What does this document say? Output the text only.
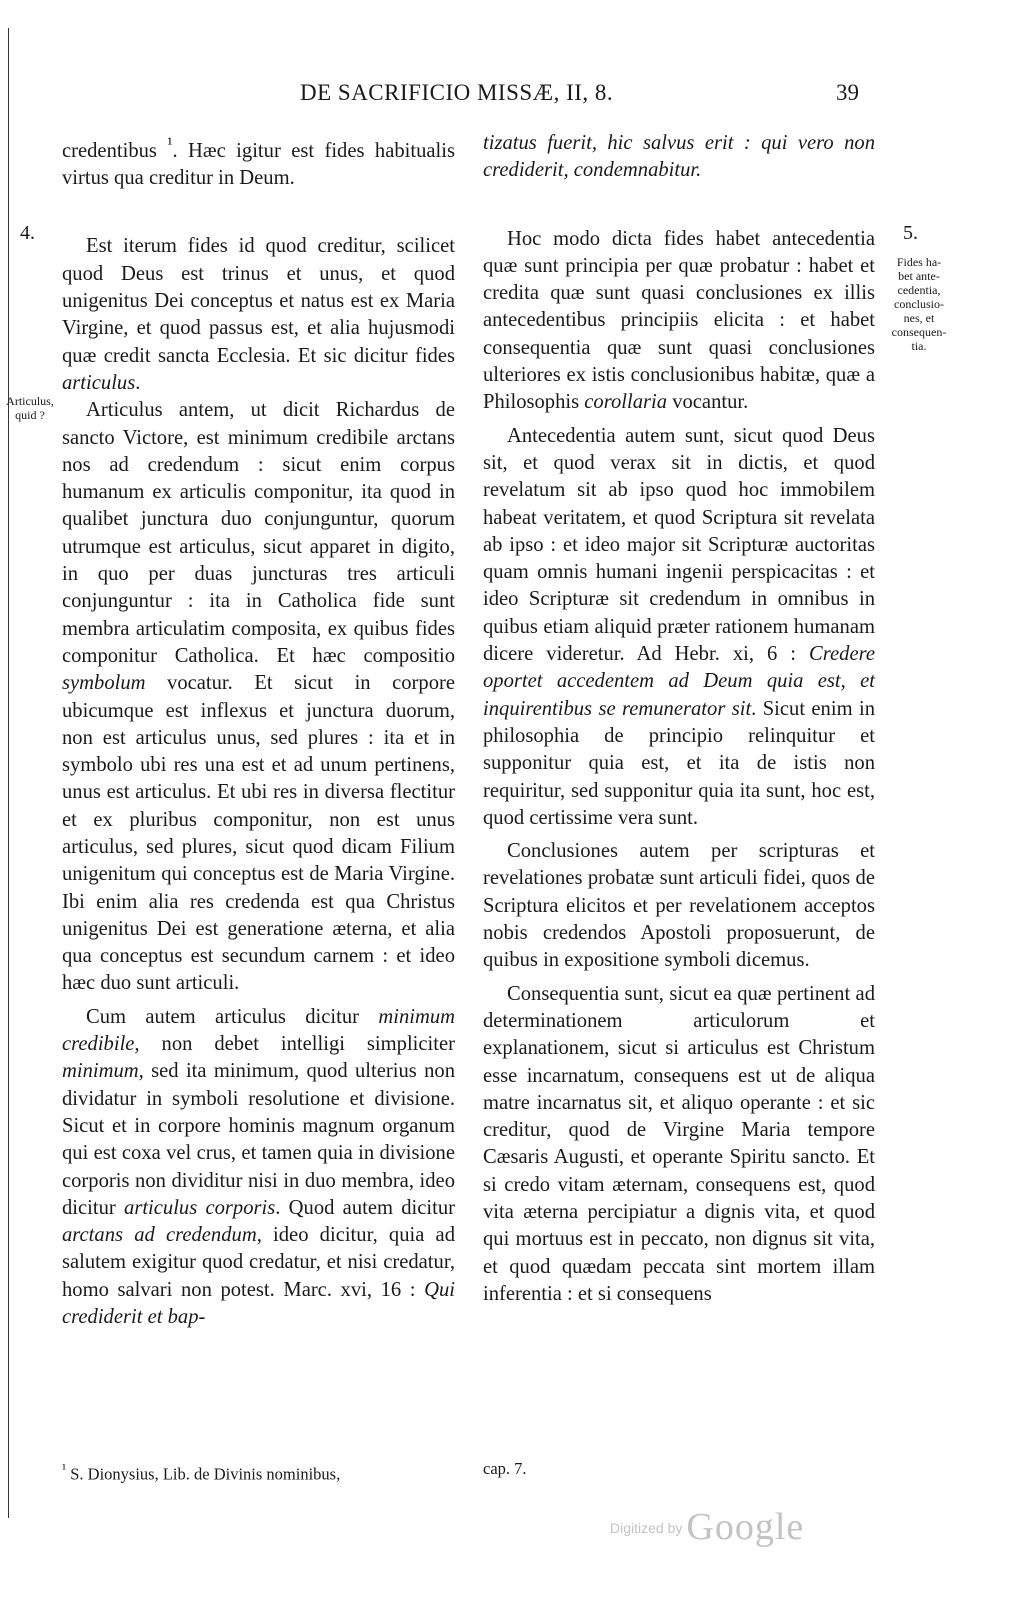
DE SACRIFICIO MISSÆ, II, 8.	39
4.
Articulus,
quid ?
5.
Fides ha-
bet ante-
cedentia,
conclusio-
nes, et
consequen-
tia.

credentibus $^{^1}$. Hæc igitur est fides habitualis virtus qua creditur in Deum.

Est iterum fides id quod creditur, scilicet quod Deus est trinus et unus, et quod unigenitus Dei conceptus et natus est ex Maria Virgine, et quod passus est, et alia hujusmodi quæ credit sancta Ecclesia. Et sic dicitur fides articulus.

Articulus antem, ut dicit Richardus de sancto Victore, est minimum credibile arctans nos ad credendum : sicut enim corpus humanum ex articulis componitur, ita quod in qualibet junctura duo conjunguntur, quorum utrumque est articulus, sicut apparet in digito, in quo per duas juncturas tres articuli conjunguntur : ita in Catholica fide sunt membra articulatim composita, ex quibus fides componitur Catholica. Et hæc compositio symbolum vocatur. Et sicut in corpore ubicumque est inflexus et junctura duorum, non est articulus unus, sed plures : ita et in symbolo ubi res una est et ad unum pertinens, unus est articulus. Et ubi res in diversa flectitur et ex pluribus componitur, non est unus articulus, sed plures, sicut quod dicam Filium unigenitum qui conceptus est de Maria Virgine. Ibi enim alia res credenda est qua Christus unigenitus Dei est generatione æterna, et alia qua conceptus est secundum carnem : et ideo hæc duo sunt articuli.

Cum autem articulus dicitur minimum credibile, non debet intelligi simpliciter minimum, sed ita minimum, quod ulterius non dividatur in symboli resolutione et divisione. Sicut et in corpore hominis magnum organum qui est coxa vel crus, et tamen quia in divisione corporis non dividitur nisi in duo membra, ideo dicitur articulus corporis. Quod autem dicitur arctans ad credendum, ideo dicitur, quia ad salutem exigitur quod credatur, et nisi credatur, homo salvari non potest. Marc. xvi, 16 : Qui crediderit et bap-

tizatus fuerit, hic salvus erit : qui vero non crediderit, condemnabitur.

Hoc modo dicta fides habet antecedentia quæ sunt principia per quæ probatur : habet et credita quæ sunt quasi conclusiones ex illis antecedentibus principiis elicita : et habet consequentia quæ sunt quasi conclusiones ulteriores ex istis conclusionibus habitæ, quæ a Philosophis corollaria vocantur.

Antecedentia autem sunt, sicut quod Deus sit, et quod verax sit in dictis, et quod revelatum sit ab ipso quod hoc immobilem habeat veritatem, et quod Scriptura sit revelata ab ipso : et ideo major sit Scripturæ auctoritas quam omnis humani ingenii perspicacitas : et ideo Scripturæ sit credendum in omnibus in quibus etiam aliquid præter rationem humanam dicere videretur. Ad Hebr. xi, 6 : Credere oportet accedentem ad Deum quia est, et inquirentibus se remunerator sit. Sicut enim in philosophia de principio relinquitur et supponitur quia est, et ita de istis non requiritur, sed supponitur quia ita sunt, hoc est, quod certissime vera sunt.

Conclusiones autem per scripturas et revelationes probatæ sunt articuli fidei, quos de Scriptura elicitos et per revelationem acceptos nobis credendos Apostoli proposuerunt, de quibus in expositione symboli dicemus.

Consequentia sunt, sicut ea quæ pertinent ad determinationem articulorum et explanationem, sicut si articulus est Christum esse incarnatum, consequens est ut de aliqua matre incarnatus sit, et aliquo operante : et sic creditur, quod de Virgine Maria tempore Cæsaris Augusti, et operante Spiritu sancto. Et si credo vitam æternam, consequens est, quod vita æterna percipiatur a dignis vita, et quod qui mortuus est in peccato, non dignus sit vita, et quod quædam peccata sint mortem illam inferentia : et si consequens

$^{^1}$ S. Dionysius, Lib. de Divinis nominibus,	cap. 7.
Digitized by Google
